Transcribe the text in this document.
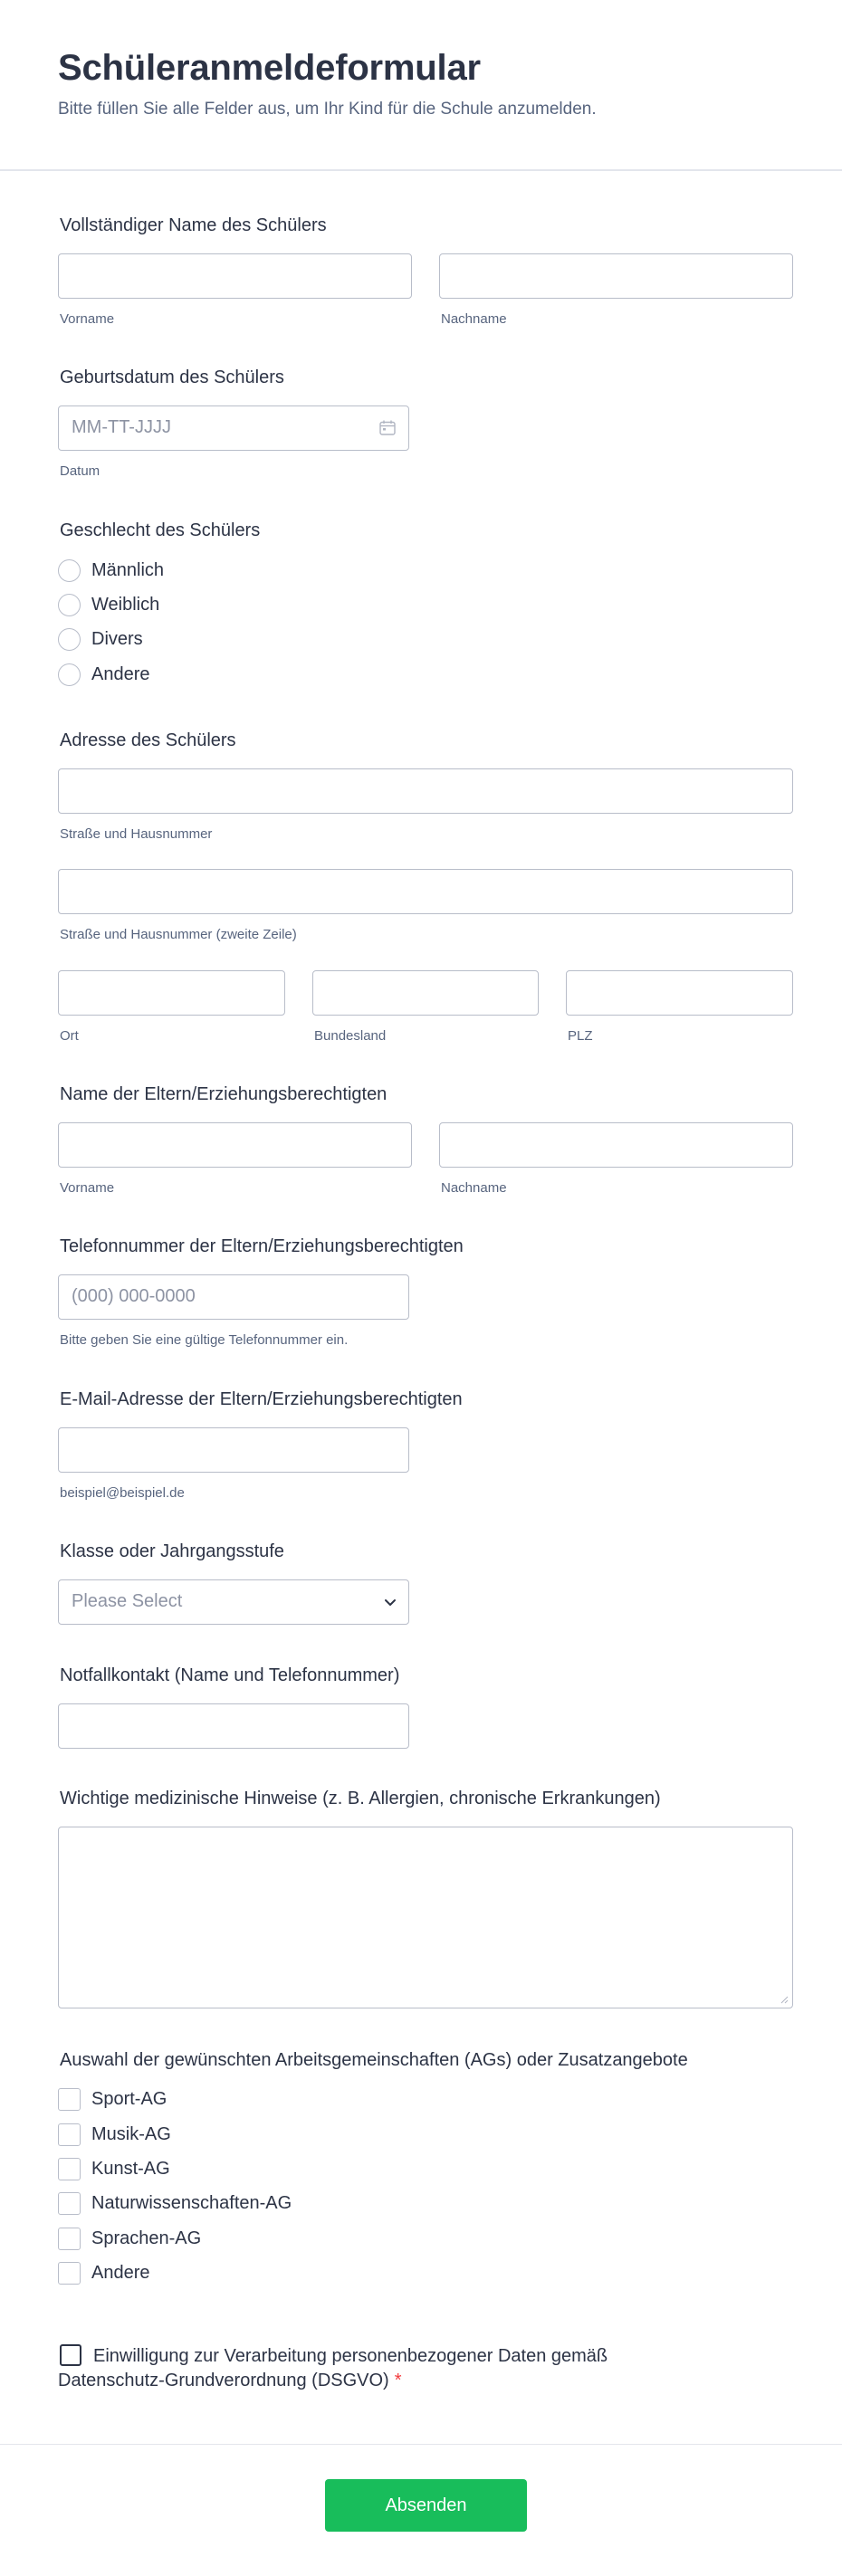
Schüleranmeldeformular

Bitte füllen Sie alle Felder aus, um Ihr Kind für die Schule anzumelden.

Vollständiger Name des Schülers
Vorname	Nachname
Geburtsdatum des Schülers
MM-TT-JJJJ
Datum
Geschlecht des Schülers
Männlich
Weiblich
Divers
Andere
Adresse des Schülers
Straße und Hausnummer
Straße und Hausnummer (zweite Zeile)
Ort	Bundesland	PLZ
Name der Eltern/Erziehungsberechtigten
Vorname	Nachname
Telefonnummer der Eltern/Erziehungsberechtigten
(000) 000-0000
Bitte geben Sie eine gültige Telefonnummer ein.
E-Mail-Adresse der Eltern/Erziehungsberechtigten
beispiel@beispiel.de
Klasse oder Jahrgangsstufe
Please Select
Notfallkontakt (Name und Telefonnummer)
Wichtige medizinische Hinweise (z. B. Allergien, chronische Erkrankungen)
Auswahl der gewünschten Arbeitsgemeinschaften (AGs) oder Zusatzangebote
Sport-AG
Musik-AG
Kunst-AG
Naturwissenschaften-AG
Sprachen-AG
Andere
Einwilligung zur Verarbeitung personenbezogener Daten gemäß
Datenschutz-Grundverordnung (DSGVO) *
Absenden
